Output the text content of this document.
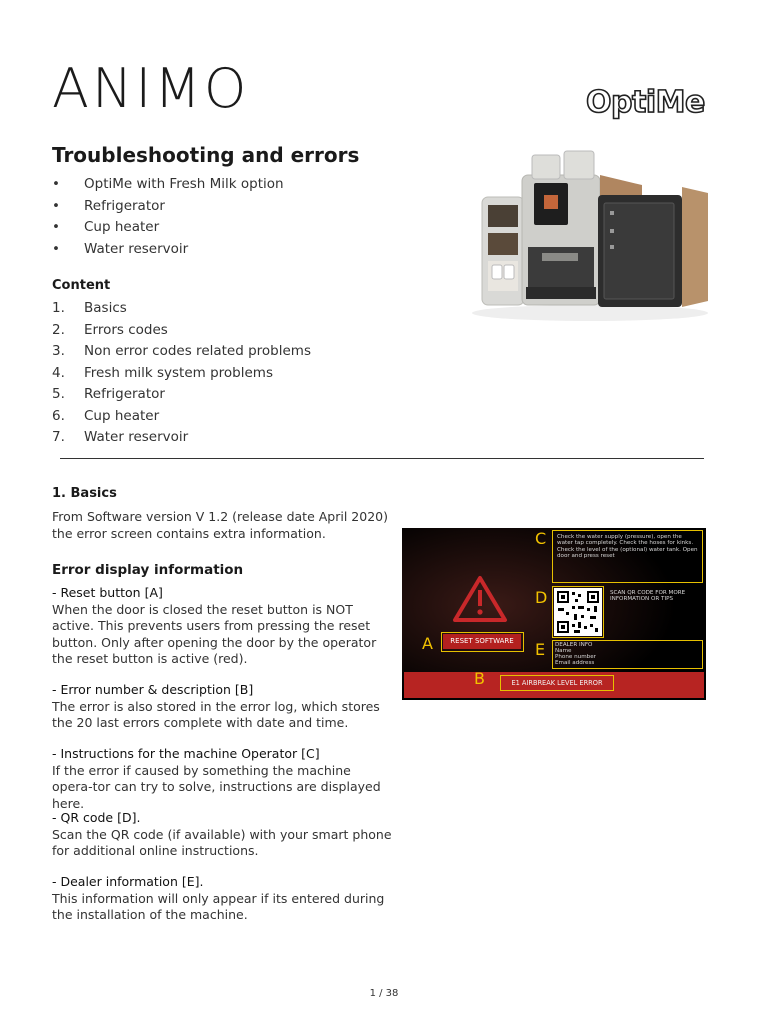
ANIMO	OptiMe
Troubleshooting and errors
• OptiMe with Fresh Milk option
• Refrigerator
• Cup heater
• Water reservoir
Content
1. Basics
2. Errors codes
3. Non error codes related problems
4. Fresh milk system problems
5. Refrigerator
6. Cup heater
7. Water reservoir
1. Basics
From Software version V 1.2 (release date April 2020) the error screen contains extra information.
Error display information
- Reset button [A]
When the door is closed the reset button is NOT active. This prevents users from pressing the reset button. Only after opening the door by the operator the reset button is active (red).
- Error number & description [B]
The error is also stored in the error log, which stores the 20 last errors complete with date and time.
- Instructions for the machine Operator [C]
If the error if caused by something the machine opera-tor can try to solve, instructions are displayed here.
- QR code [D].
Scan the QR code (if available) with your smart phone for additional online instructions.
- Dealer information [E].
This information will only appear if its entered during the installation of the machine.
C Check the water supply (pressure), open the water tap completely. Check the hoses for kinks. Check the level of the (optional) water tank. Open door and press reset
D	SCAN QR CODE FOR MORE INFORMATION OR TIPS
A	RESET SOFTWARE	E DEALER INFO
Name
Phone number
Email address
E1 AIRBREAK LEVEL ERROR
B
1 / 38
